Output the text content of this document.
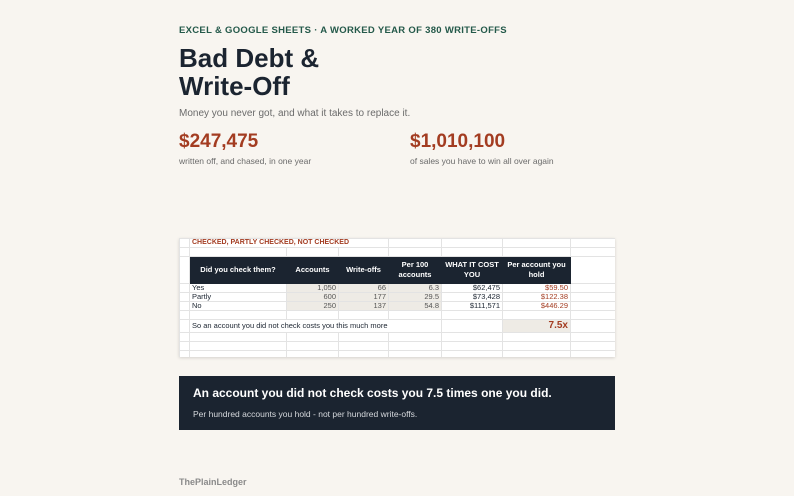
EXCEL & GOOGLE SHEETS · A WORKED YEAR OF 380 WRITE-OFFS
Bad Debt &
Write-Off
Money you never got, and what it takes to replace it.
$247,475
written off, and chased, in one year
$1,010,100
of sales you have to win all over again
	CHECKED, PARTLY CHECKED, NOT CHECKED						

	Did you check them?	Accounts	Write-offs	Per 100 accounts	WHAT IT COST YOU	Per account you hold	
	Yes	1,050	66	6.3	$62,475	$59.50	
	Partly	600	177	29.5	$73,428	$122.38	
	No	250	137	54.8	$111,571	$446.29	

	So an account you did not check costs you this much more					7.5x	

An account you did not check costs you 7.5 times one you did.
Per hundred accounts you hold - not per hundred write-offs.
ThePlainLedger
